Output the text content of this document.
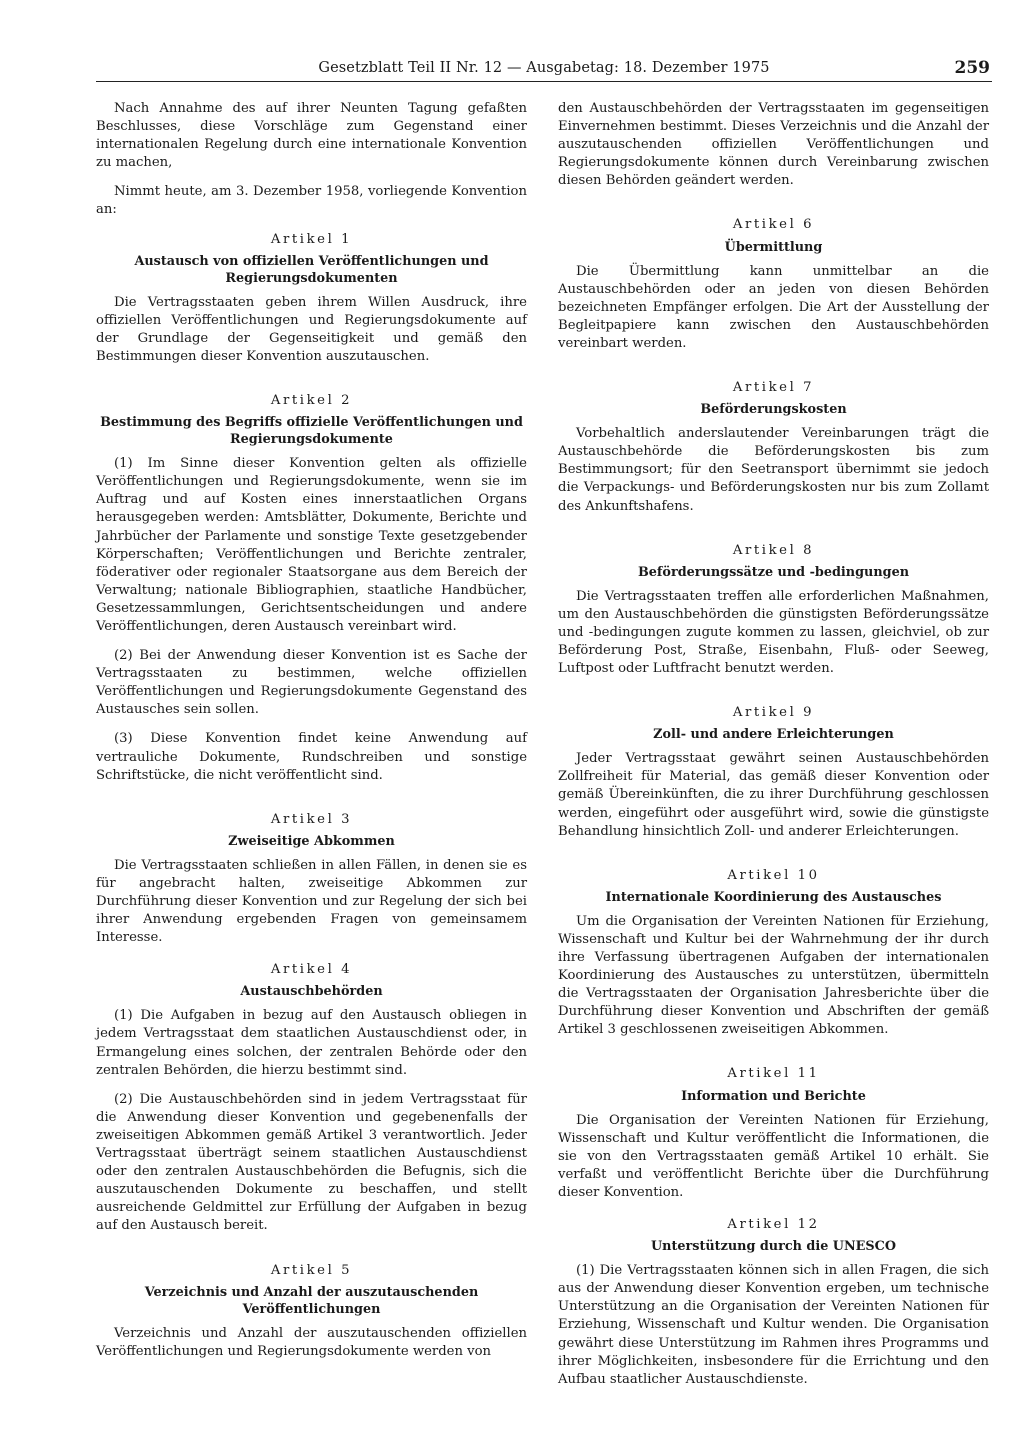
Gesetzblatt Teil II Nr. 12 — Ausgabetag: 18. Dezember 1975	259

Nach Annahme des auf ihrer Neunten Tagung gefaßten Beschlusses, diese Vorschläge zum Gegenstand einer internationalen Regelung durch eine internationale Konvention zu machen,

Nimmt heute, am 3. Dezember 1958, vorliegende Konvention an:

Artikel 1
Austausch von offiziellen Veröffentlichungen und Regierungsdokumenten

Die Vertragsstaaten geben ihrem Willen Ausdruck, ihre offiziellen Veröffentlichungen und Regierungsdokumente auf der Grundlage der Gegenseitigkeit und gemäß den Bestimmungen dieser Konvention auszutauschen.

Artikel 2
Bestimmung des Begriffs offizielle Veröffentlichungen und Regierungsdokumente

(1) Im Sinne dieser Konvention gelten als offizielle Veröffentlichungen und Regierungsdokumente, wenn sie im Auftrag und auf Kosten eines innerstaatlichen Organs herausgegeben werden: Amtsblätter, Dokumente, Berichte und Jahrbücher der Parlamente und sonstige Texte gesetzgebender Körperschaften; Veröffentlichungen und Berichte zentraler, föderativer oder regionaler Staatsorgane aus dem Bereich der Verwaltung; nationale Bibliographien, staatliche Handbücher, Gesetzessammlungen, Gerichtsentscheidungen und andere Veröffentlichungen, deren Austausch vereinbart wird.

(2) Bei der Anwendung dieser Konvention ist es Sache der Vertragsstaaten zu bestimmen, welche offiziellen Veröffentlichungen und Regierungsdokumente Gegenstand des Austausches sein sollen.

(3) Diese Konvention findet keine Anwendung auf vertrauliche Dokumente, Rundschreiben und sonstige Schriftstücke, die nicht veröffentlicht sind.

Artikel 3
Zweiseitige Abkommen

Die Vertragsstaaten schließen in allen Fällen, in denen sie es für angebracht halten, zweiseitige Abkommen zur Durchführung dieser Konvention und zur Regelung der sich bei ihrer Anwendung ergebenden Fragen von gemeinsamem Interesse.

Artikel 4
Austauschbehörden

(1) Die Aufgaben in bezug auf den Austausch obliegen in jedem Vertragsstaat dem staatlichen Austauschdienst oder, in Ermangelung eines solchen, der zentralen Behörde oder den zentralen Behörden, die hierzu bestimmt sind.

(2) Die Austauschbehörden sind in jedem Vertragsstaat für die Anwendung dieser Konvention und gegebenenfalls der zweiseitigen Abkommen gemäß Artikel 3 verantwortlich. Jeder Vertragsstaat überträgt seinem staatlichen Austauschdienst oder den zentralen Austauschbehörden die Befugnis, sich die auszutauschenden Dokumente zu beschaffen, und stellt ausreichende Geldmittel zur Erfüllung der Aufgaben in bezug auf den Austausch bereit.

Artikel 5
Verzeichnis und Anzahl der auszutauschenden Veröffentlichungen

Verzeichnis und Anzahl der auszutauschenden offiziellen Veröffentlichungen und Regierungsdokumente werden von

den Austauschbehörden der Vertragsstaaten im gegenseitigen Einvernehmen bestimmt. Dieses Verzeichnis und die Anzahl der auszutauschenden offiziellen Veröffentlichungen und Regierungsdokumente können durch Vereinbarung zwischen diesen Behörden geändert werden.

Artikel 6
Übermittlung

Die Übermittlung kann unmittelbar an die Austauschbehörden oder an jeden von diesen Behörden bezeichneten Empfänger erfolgen. Die Art der Ausstellung der Begleitpapiere kann zwischen den Austauschbehörden vereinbart werden.

Artikel 7
Beförderungskosten

Vorbehaltlich anderslautender Vereinbarungen trägt die Austauschbehörde die Beförderungskosten bis zum Bestimmungsort; für den Seetransport übernimmt sie jedoch die Verpackungs- und Beförderungskosten nur bis zum Zollamt des Ankunftshafens.

Artikel 8
Beförderungssätze und -bedingungen

Die Vertragsstaaten treffen alle erforderlichen Maßnahmen, um den Austauschbehörden die günstigsten Beförderungssätze und -bedingungen zugute kommen zu lassen, gleichviel, ob zur Beförderung Post, Straße, Eisenbahn, Fluß- oder Seeweg, Luftpost oder Luftfracht benutzt werden.

Artikel 9
Zoll- und andere Erleichterungen

Jeder Vertragsstaat gewährt seinen Austauschbehörden Zollfreiheit für Material, das gemäß dieser Konvention oder gemäß Übereinkünften, die zu ihrer Durchführung geschlossen werden, eingeführt oder ausgeführt wird, sowie die günstigste Behandlung hinsichtlich Zoll- und anderer Erleichterungen.

Artikel 10
Internationale Koordinierung des Austausches

Um die Organisation der Vereinten Nationen für Erziehung, Wissenschaft und Kultur bei der Wahrnehmung der ihr durch ihre Verfassung übertragenen Aufgaben der internationalen Koordinierung des Austausches zu unterstützen, übermitteln die Vertragsstaaten der Organisation Jahresberichte über die Durchführung dieser Konvention und Abschriften der gemäß Artikel 3 geschlossenen zweiseitigen Abkommen.

Artikel 11
Information und Berichte

Die Organisation der Vereinten Nationen für Erziehung, Wissenschaft und Kultur veröffentlicht die Informationen, die sie von den Vertragsstaaten gemäß Artikel 10 erhält. Sie verfaßt und veröffentlicht Berichte über die Durchführung dieser Konvention.

Artikel 12
Unterstützung durch die UNESCO

(1) Die Vertragsstaaten können sich in allen Fragen, die sich aus der Anwendung dieser Konvention ergeben, um technische Unterstützung an die Organisation der Vereinten Nationen für Erziehung, Wissenschaft und Kultur wenden. Die Organisation gewährt diese Unterstützung im Rahmen ihres Programms und ihrer Möglichkeiten, insbesondere für die Errichtung und den Aufbau staatlicher Austauschdienste.
